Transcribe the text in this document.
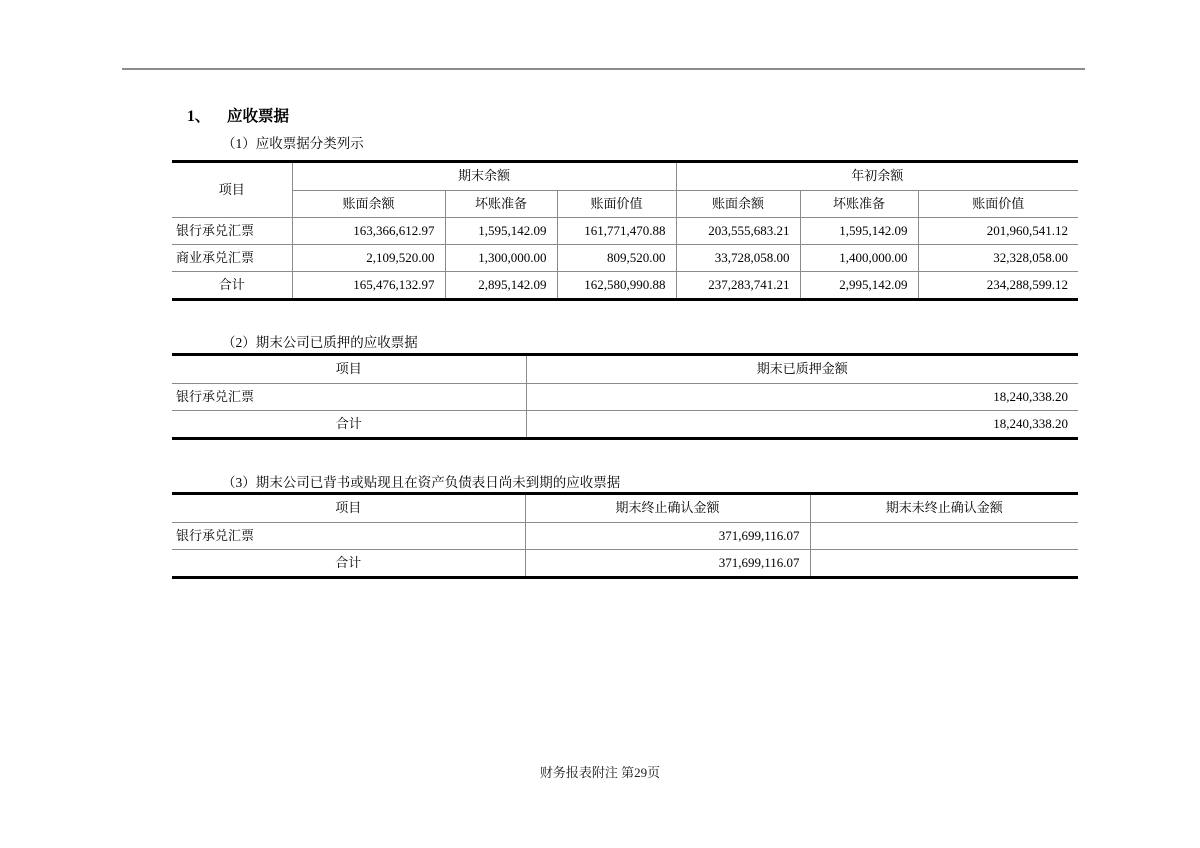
1、 应收票据
（1）应收票据分类列示
项目	期末余额			年初余额		
	账面余额	坏账准备	账面价值	账面余额	坏账准备	账面价值
银行承兑汇票	163,366,612.97	1,595,142.09	161,771,470.88	203,555,683.21	1,595,142.09	201,960,541.12
商业承兑汇票	2,109,520.00	1,300,000.00	809,520.00	33,728,058.00	1,400,000.00	32,328,058.00
合计	165,476,132.97	2,895,142.09	162,580,990.88	237,283,741.21	2,995,142.09	234,288,599.12
（2）期末公司已质押的应收票据
项目	期末已质押金额
银行承兑汇票	18,240,338.20
合计	18,240,338.20
（3）期末公司已背书或贴现且在资产负债表日尚未到期的应收票据
项目	期末终止确认金额	期末未终止确认金额
银行承兑汇票	371,699,116.07	
合计	371,699,116.07	
财务报表附注 第29页
